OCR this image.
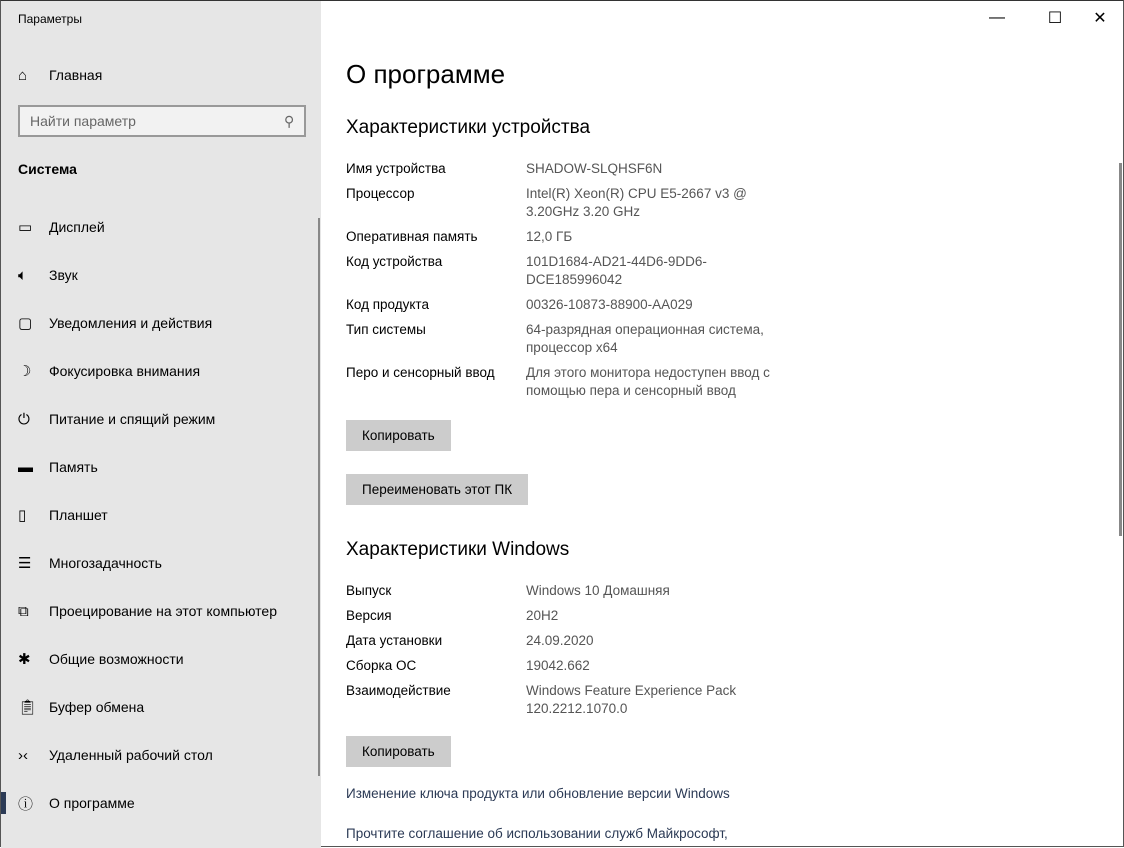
Параметры
⌂	Главная
Найти параметр	⚲
Система
▭	Дисплей
🔈︎	Звук
▢	Уведомления и действия
☽	Фокусировка внимания
⏻	Питание и спящий режим
▬	Память
▯	Планшет
☰	Многозадачность
⧉	Проецирование на этот компьютер
✱	Общие возможности
📋︎ Буфер обмена
›‹	Удаленный рабочий стол
ⓘ	О программе
—	☐	✕
О программе
Характеристики устройства
Имя устройства	SHADOW-SLQHSF6N
Процессор	Intel(R) Xeon(R) CPU E5-2667 v3 @ 3.20GHz 3.20 GHz
Оперативная память	12,0 ГБ
Код устройства	101D1684-AD21-44D6-9DD6-DCE185996042
Код продукта	00326-10873-88900-AA029
Тип системы	64-разрядная операционная система, процессор x64
Перо и сенсорный ввод	Для этого монитора недоступен ввод с помощью пера и сенсорный ввод
Копировать
Переименовать этот ПК
Характеристики Windows
Выпуск	Windows 10 Домашняя
Версия	20H2
Дата установки	24.09.2020
Сборка ОС	19042.662
Взаимодействие	Windows Feature Experience Pack 120.2212.1070.0
Копировать
Изменение ключа продукта или обновление версии Windows
Прочтите соглашение об использовании служб Майкрософт,
